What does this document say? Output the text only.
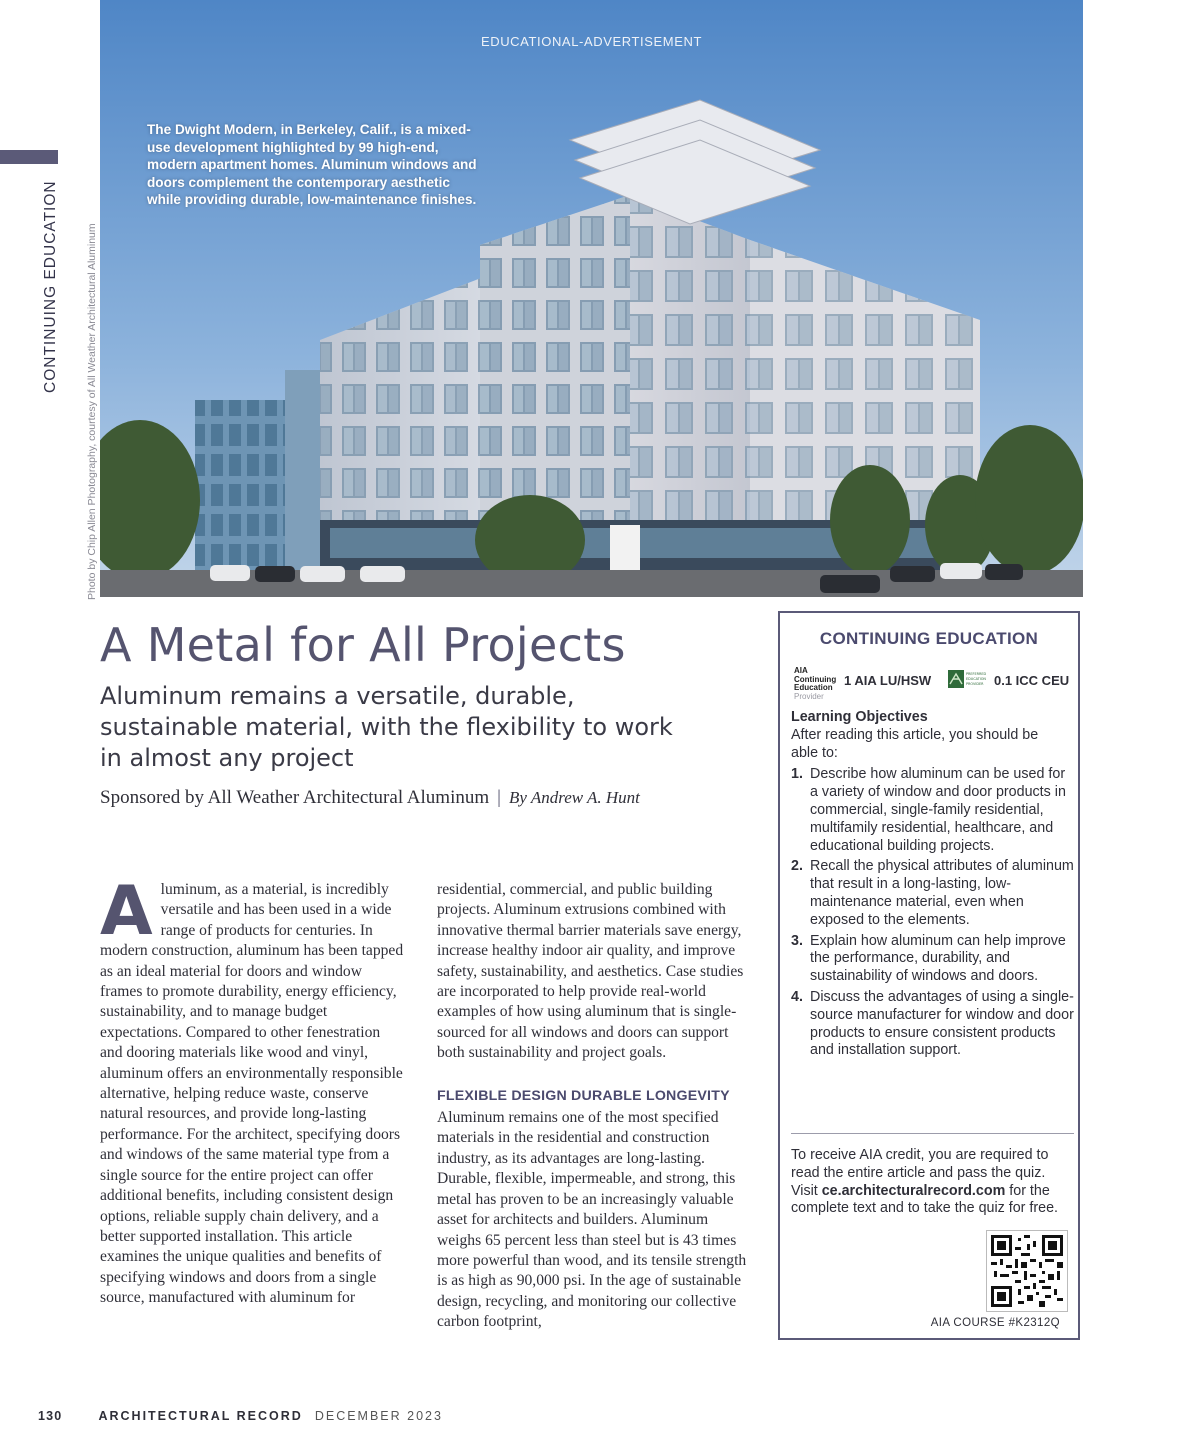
CONTINUING EDUCATION	Photo by Chip Allen Photography, courtesy of All Weather Architectural Aluminum
EDUCATIONAL-ADVERTISEMENT
The Dwight Modern, in Berkeley, Calif., is a mixed-use development highlighted by 99 high-end, modern apartment homes. Aluminum windows and doors complement the contemporary aesthetic while providing durable, low-maintenance finishes.
A Metal for All Projects
Aluminum remains a versatile, durable, sustainable material, with the flexibility to work in almost any project
Sponsored by All Weather Architectural Aluminum | By Andrew A. Hunt
A luminum, as a material, is incredibly versatile and has been used in a wide range of products for centuries. In modern construction, aluminum has been tapped as an ideal material for doors and window frames to promote durability, energy efficiency, sustainability, and to manage budget expectations. Compared to other fenestration and dooring materials like wood and vinyl, aluminum offers an environmentally responsible alternative, helping reduce waste, conserve natural resources, and provide long-lasting performance. For the architect, specifying doors and windows of the same material type from a single source for the entire project can offer additional benefits, including consistent design options, reliable supply chain delivery, and a better supported installation. This article examines the unique qualities and benefits of specifying windows and doors from a single source, manufactured with aluminum for

residential, commercial, and public building projects. Aluminum extrusions combined with innovative thermal barrier materials save energy, increase healthy indoor air quality, and improve safety, sustainability, and aesthetics. Case studies are incorporated to help provide real-world examples of how using aluminum that is single-sourced for all windows and doors can support both sustainability and project goals.

FLEXIBLE DESIGN DURABLE LONGEVITY

Aluminum remains one of the most specified materials in the residential and construction industry, as its advantages are long-lasting. Durable, flexible, impermeable, and strong, this metal has proven to be an increasingly valuable asset for architects and builders. Aluminum weighs 65 percent less than steel but is 43 times more powerful than wood, and its tensile strength is as high as 90,000 psi. In the age of sustainable design, recycling, and monitoring our collective carbon footprint,

CONTINUING EDUCATION
AIA
Continuing
Education
Provider
1 AIA LU/HSW	PREFERRED
EDUCATION
PROVIDER 0.1 ICC CEU
Learning Objectives
After reading this article, you should be able to:
1. Describe how aluminum can be used for a variety of window and door products in commercial, single-family residential, multifamily residential, healthcare, and educational building projects.
2. Recall the physical attributes of aluminum that result in a long-lasting, low-maintenance material, even when exposed to the elements.
3. Explain how aluminum can help improve the performance, durability, and sustainability of windows and doors.
4. Discuss the advantages of using a single-source manufacturer for window and door products to ensure consistent products and installation support.
To receive AIA credit, you are required to read the entire article and pass the quiz. Visit ce.architecturalrecord.com for the complete text and to take the quiz for free.
AIA COURSE #K2312Q
130	ARCHITECTURAL RECORD DECEMBER 2023
